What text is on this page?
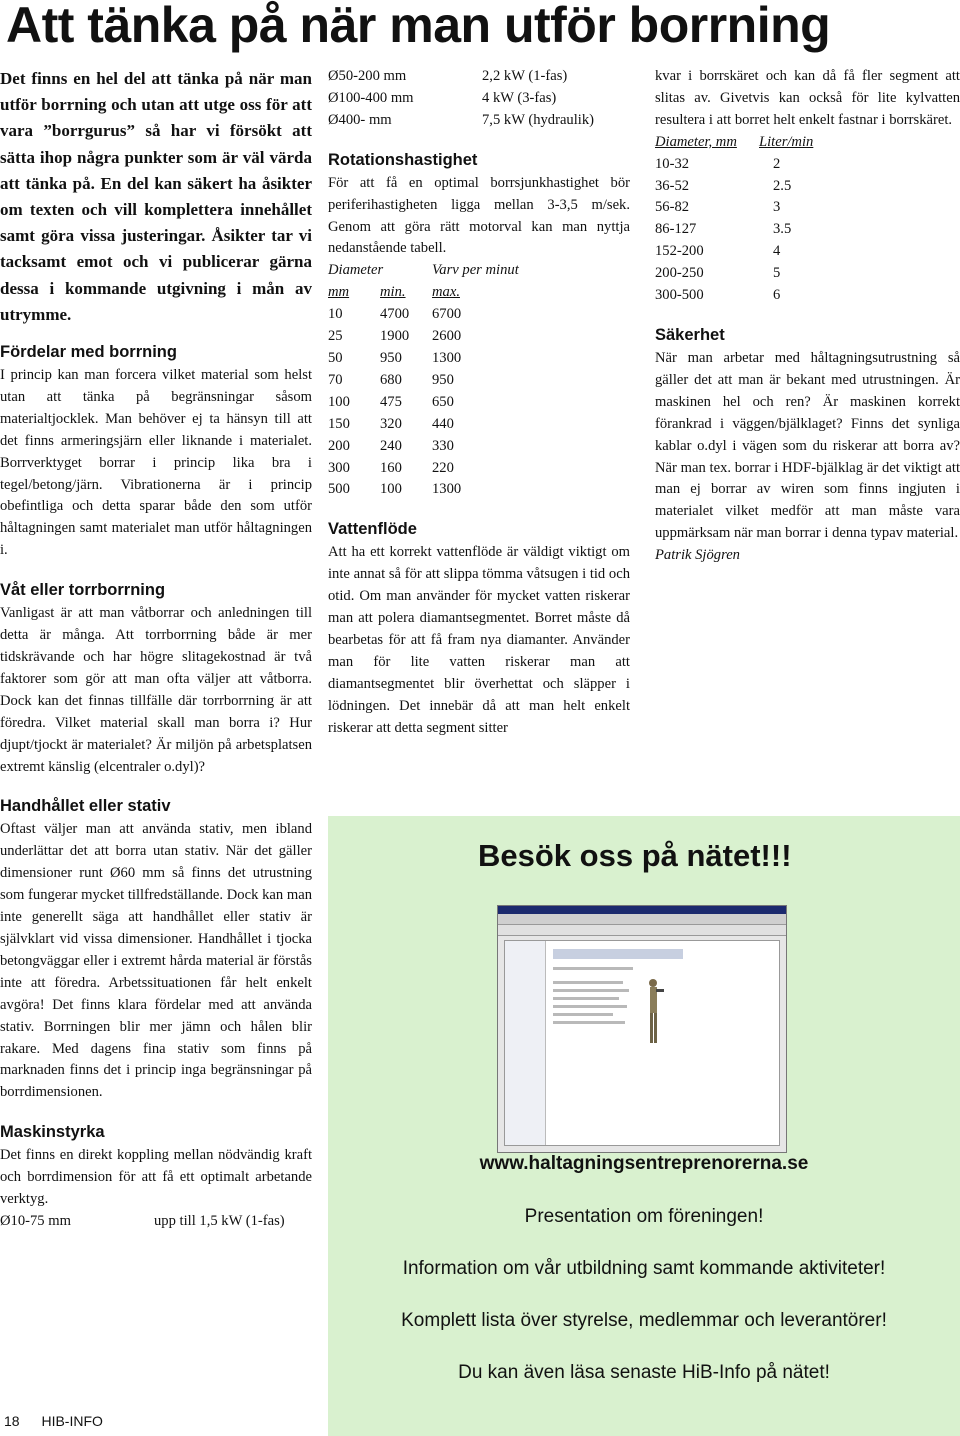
Att tänka på när man utför borrning

Det finns en hel del att tänka på när man utför borrning och utan att utge oss för att vara ”borrgurus” så har vi försökt att sätta ihop några punkter som är väl värda att tänka på. En del kan säkert ha åsikter om texten och vill komplettera innehållet samt göra vissa justeringar. Åsikter tar vi tacksamt emot och vi publicerar gärna dessa i kommande utgivning i mån av utrymme.

Fördelar med borrning

I princip kan man forcera vilket material som helst utan att tänka på begränsningar såsom materialtjocklek. Man behöver ej ta hänsyn till att det finns armeringsjärn eller liknande i materialet. Borrverktyget borrar i princip lika bra i tegel/betong/järn. Vibrationerna är i princip obefintliga och detta sparar både den som utför håltagningen samt materialet man utför håltagningen i.

Våt eller torrborrning

Vanligast är att man våtborrar och anledningen till detta är många. Att torrborrning både är mer tidskrävande och har högre slitagekostnad är två faktorer som gör att man ofta väljer att våtborra. Dock kan det finnas tillfälle där torrborrning är att föredra. Vilket material skall man borra i? Hur djupt/tjockt är materialet? Är miljön på arbetsplatsen extremt känslig (elcentraler o.dyl)?

Handhållet eller stativ

Oftast väljer man att använda stativ, men ibland underlättar det att borra utan stativ. När det gäller dimensioner runt Ø60 mm så finns det utrustning som fungerar mycket tillfredställande. Dock kan man inte generellt säga att handhållet eller stativ är självklart vid vissa dimensioner. Handhållet i tjocka betongväggar eller i extremt hårda material är förstås inte att föredra. Arbetssituationen får helt enkelt avgöra! Det finns klara fördelar med att använda stativ. Borrningen blir mer jämn och hålen blir rakare. Med dagens fina stativ som finns på marknaden finns det i princip inga begränsningar på borrdimensionen.

Maskinstyrka

Det finns en direkt koppling mellan nödvändig kraft och borrdimension för att få ett optimalt arbetande verktyg.

Ø10-75 mm	upp till 1,5 kW (1-fas)
Ø50-200 mm	2,2 kW (1-fas)
Ø100-400 mm	4 kW (3-fas)
Ø400- mm	7,5 kW (hydraulik)
Rotationshastighet

För att få en optimal borrsjunkhastighet bör periferihastigheten ligga mellan 3-3,5 m/sek. Genom att göra rätt motorval kan man nyttja nedanstående tabell.

Diameter	Varv per minut
mm	min.	max.
10	4700	6700
25	1900	2600
50	950	1300
70	680	950
100	475	650
150	320	440
200	240	330
300	160	220
500	100	1300
Vattenflöde

Att ha ett korrekt vattenflöde är väldigt viktigt om inte annat så för att slippa tömma våtsugen i tid och otid. Om man använder för mycket vatten riskerar man att polera diamantsegmentet. Borret måste då bearbetas för att få fram nya diamanter. Använder man för lite vatten riskerar man att diamantsegmentet blir överhettat och släpper i lödningen. Det innebär då att man helt enkelt riskerar att detta segment sitter

kvar i borrskäret och kan då få fler segment att slitas av. Givetvis kan också för lite kylvatten resultera i att borret helt enkelt fastnar i borrskäret.

Diameter, mm	Liter/min
10-32	2
36-52	2.5
56-82	3
86-127	3.5
152-200	4
200-250	5
300-500	6
Säkerhet

När man arbetar med håltagningsutrustning så gäller det att man är bekant med utrustningen. Är maskinen hel och ren? Är maskinen korrekt förankrad i väggen/bjälklaget? Finns det synliga kablar o.dyl i vägen som du riskerar att borra av? När man tex. borrar i HDF-bjälklag är det viktigt att man ej borrar av wiren som finns ingjuten i materialet vilket medför att man måste vara uppmärksam när man borrar i denna typav material.

Patrik Sjögren

Besök oss på nätet!!!
www.haltagningsentreprenorerna.se
Presentation om föreningen!
Information om vår utbildning samt kommande aktiviteter!
Komplett lista över styrelse, medlemmar och leverantörer!
Du kan även läsa senaste HiB-Info på nätet!
18 HIB-INFO
